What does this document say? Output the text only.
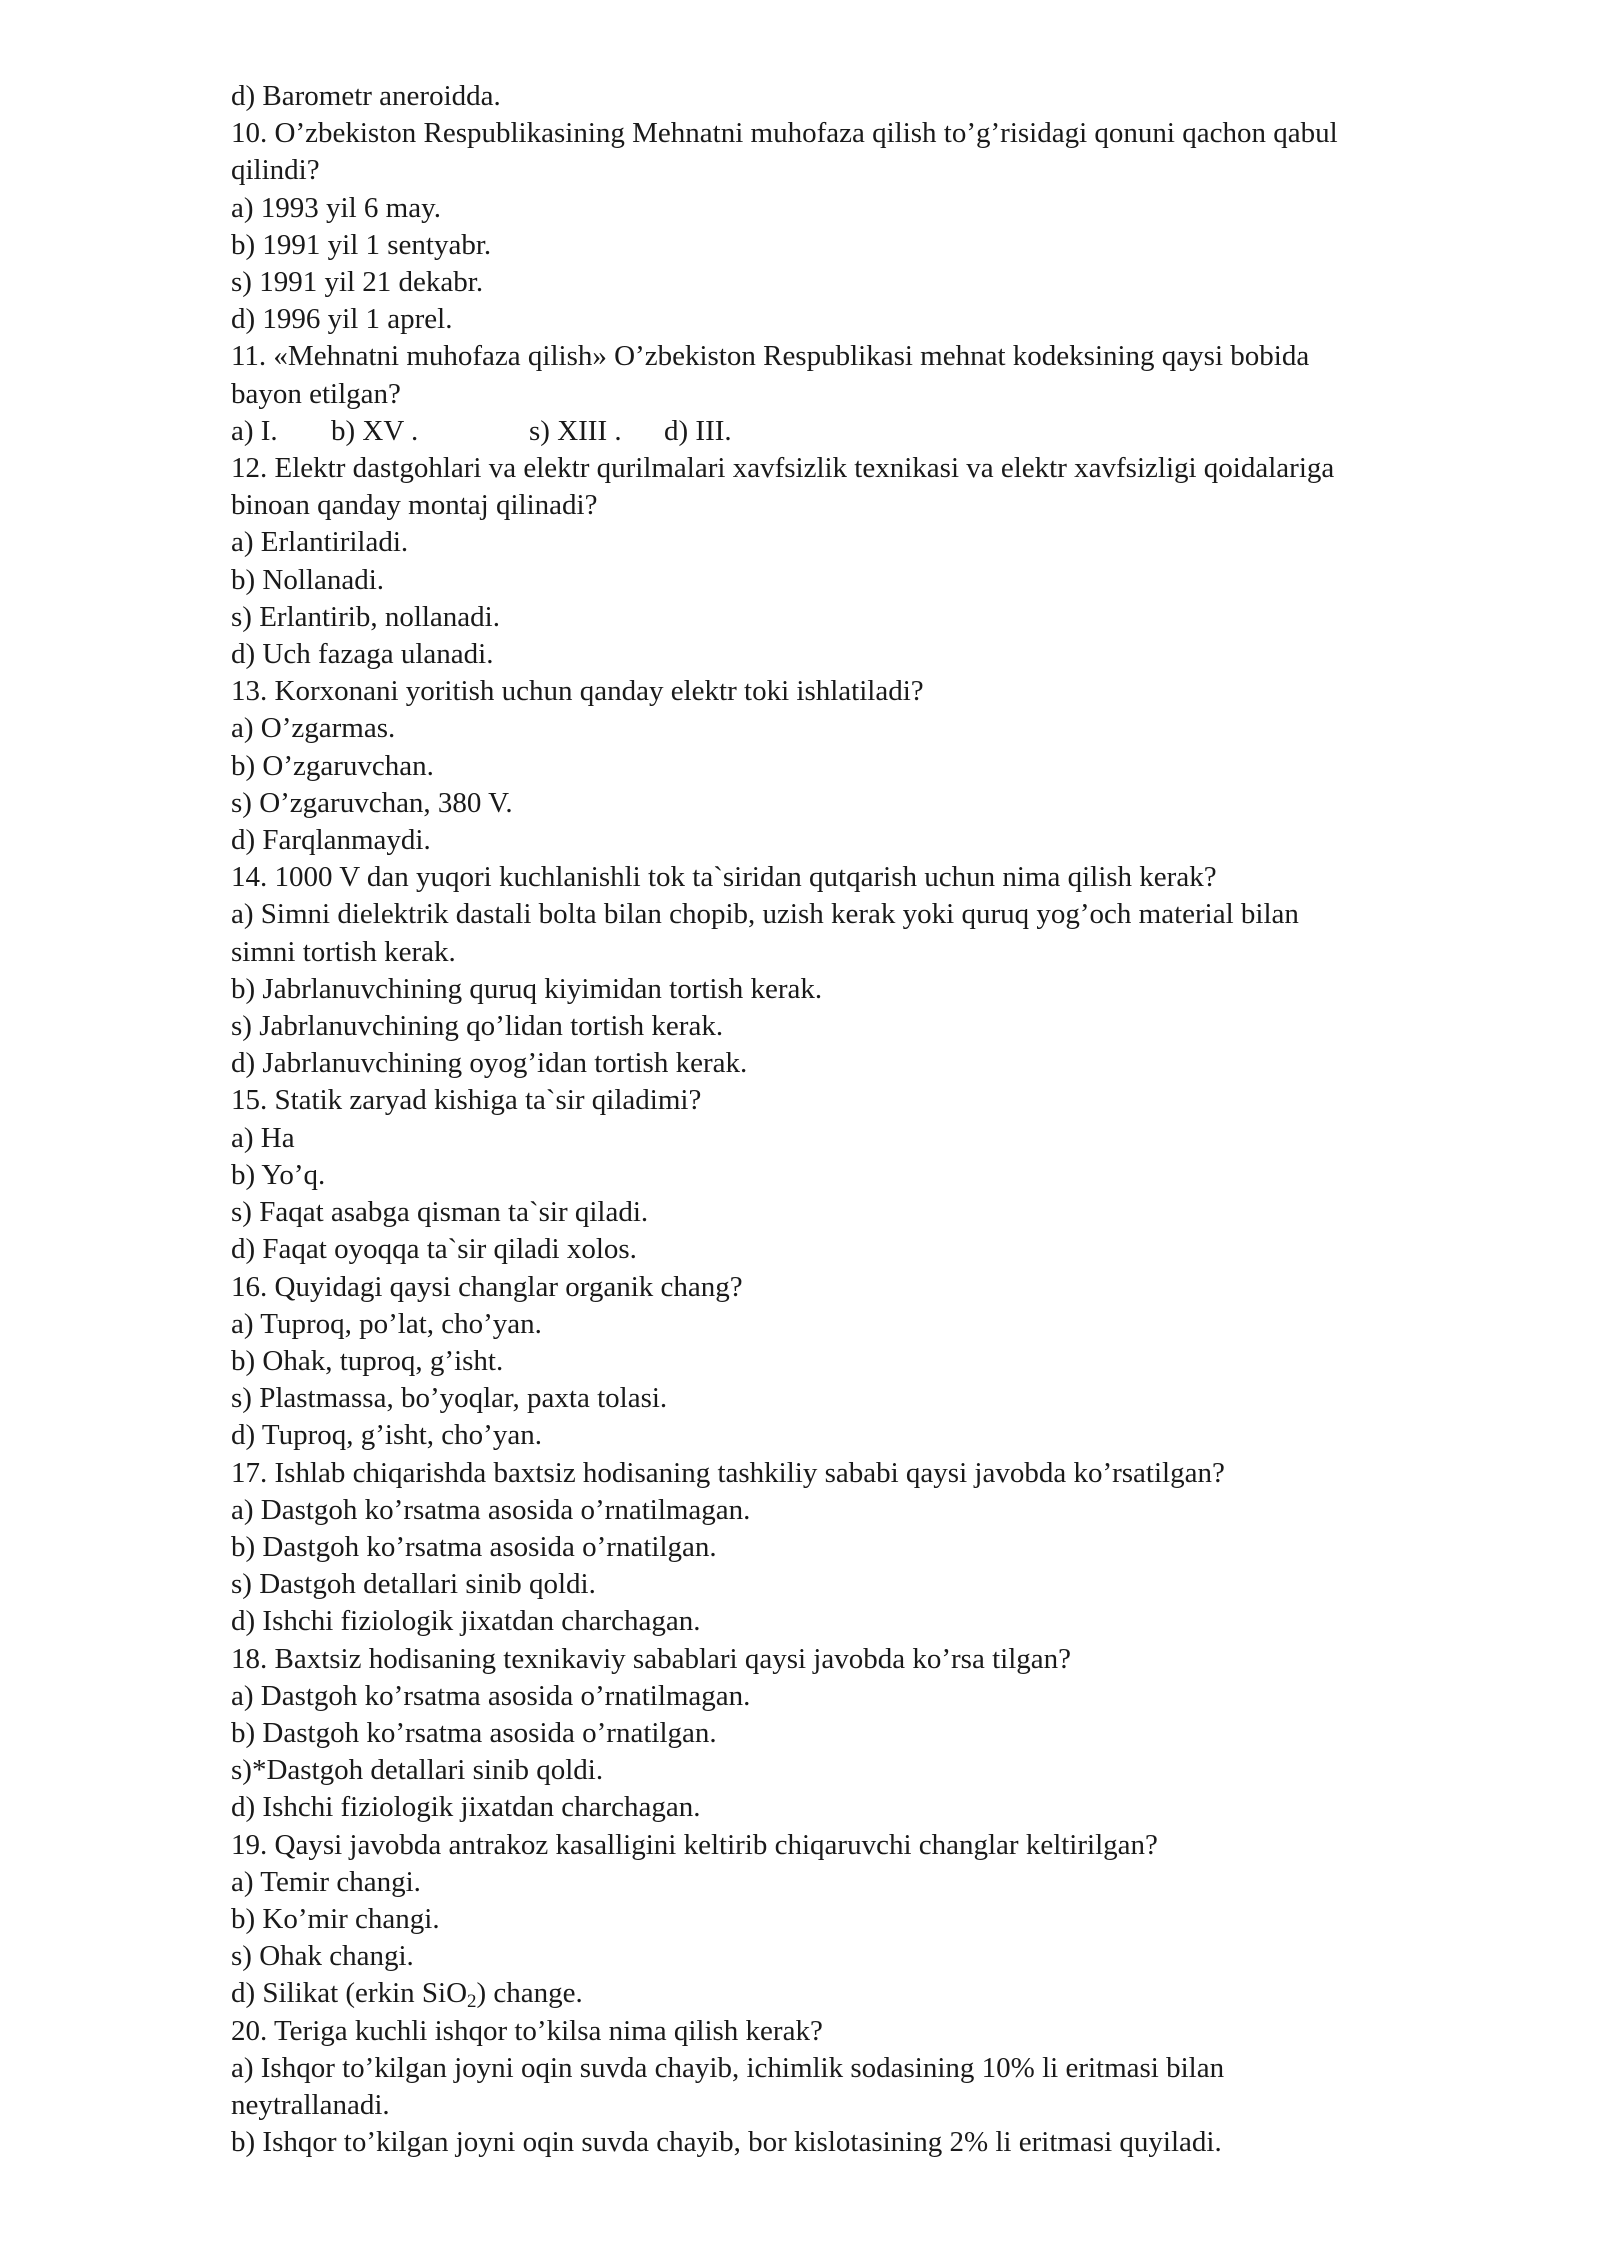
d) Barometr aneroidda.
10. O’zbekiston Respublikasining Mehnatni muhofaza qilish to’g’risidagi qonuni qachon qabul
qilindi?
a) 1993 yil 6 may.
b) 1991 yil 1 sentyabr.
s) 1991 yil 21 dekabr.
d) 1996 yil 1 aprel.
11. «Mehnatni muhofaza qilish» O’zbekiston Respublikasi mehnat kodeksining qaysi bobida
bayon etilgan?
a) I. b) XV .	s) XIII . d) III.
12. Elektr dastgohlari va elektr qurilmalari xavfsizlik texnikasi va elektr xavfsizligi qoidalariga
binoan qanday montaj qilinadi?
a) Erlantiriladi.
b) Nollanadi.
s) Erlantirib, nollanadi.
d) Uch fazaga ulanadi.
13. Korxonani yoritish uchun qanday elektr toki ishlatiladi?
a) O’zgarmas.
b) O’zgaruvchan.
s) O’zgaruvchan, 380 V.
d) Farqlanmaydi.
14. 1000 V dan yuqori kuchlanishli tok ta`siridan qutqarish uchun nima qilish kerak?
a) Simni dielektrik dastali bolta bilan chopib, uzish kerak yoki quruq yog’och material bilan
simni tortish kerak.
b) Jabrlanuvchining quruq kiyimidan tortish kerak.
s) Jabrlanuvchining qo’lidan tortish kerak.
d) Jabrlanuvchining oyog’idan tortish kerak.
15. Statik zaryad kishiga ta`sir qiladimi?
a) Ha
b) Yo’q.
s) Faqat asabga qisman ta`sir qiladi.
d) Faqat oyoqqa ta`sir qiladi xolos.
16. Quyidagi qaysi changlar organik chang?
a) Tuproq, po’lat, cho’yan.
b) Ohak, tuproq, g’isht.
s) Plastmassa, bo’yoqlar, paxta tolasi.
d) Tuproq, g’isht, cho’yan.
17. Ishlab chiqarishda baxtsiz hodisaning tashkiliy sababi qaysi javobda ko’rsatilgan?
a) Dastgoh ko’rsatma asosida o’rnatilmagan.
b) Dastgoh ko’rsatma asosida o’rnatilgan.
s) Dastgoh detallari sinib qoldi.
d) Ishchi fiziologik jixatdan charchagan.
18. Baxtsiz hodisaning texnikaviy sabablari qaysi javobda ko’rsa tilgan?
a) Dastgoh ko’rsatma asosida o’rnatilmagan.
b) Dastgoh ko’rsatma asosida o’rnatilgan.
s)*Dastgoh detallari sinib qoldi.
d) Ishchi fiziologik jixatdan charchagan.
19. Qaysi javobda antrakoz kasalligini keltirib chiqaruvchi changlar keltirilgan?
a) Temir changi.
b) Ko’mir changi.
s) Ohak changi.
d) Silikat (erkin SiO$_2$) change.
20. Teriga kuchli ishqor to’kilsa nima qilish kerak?
a) Ishqor to’kilgan joyni oqin suvda chayib, ichimlik sodasining 10% li eritmasi bilan
neytrallanadi.
b) Ishqor to’kilgan joyni oqin suvda chayib, bor kislotasining 2% li eritmasi quyiladi.
